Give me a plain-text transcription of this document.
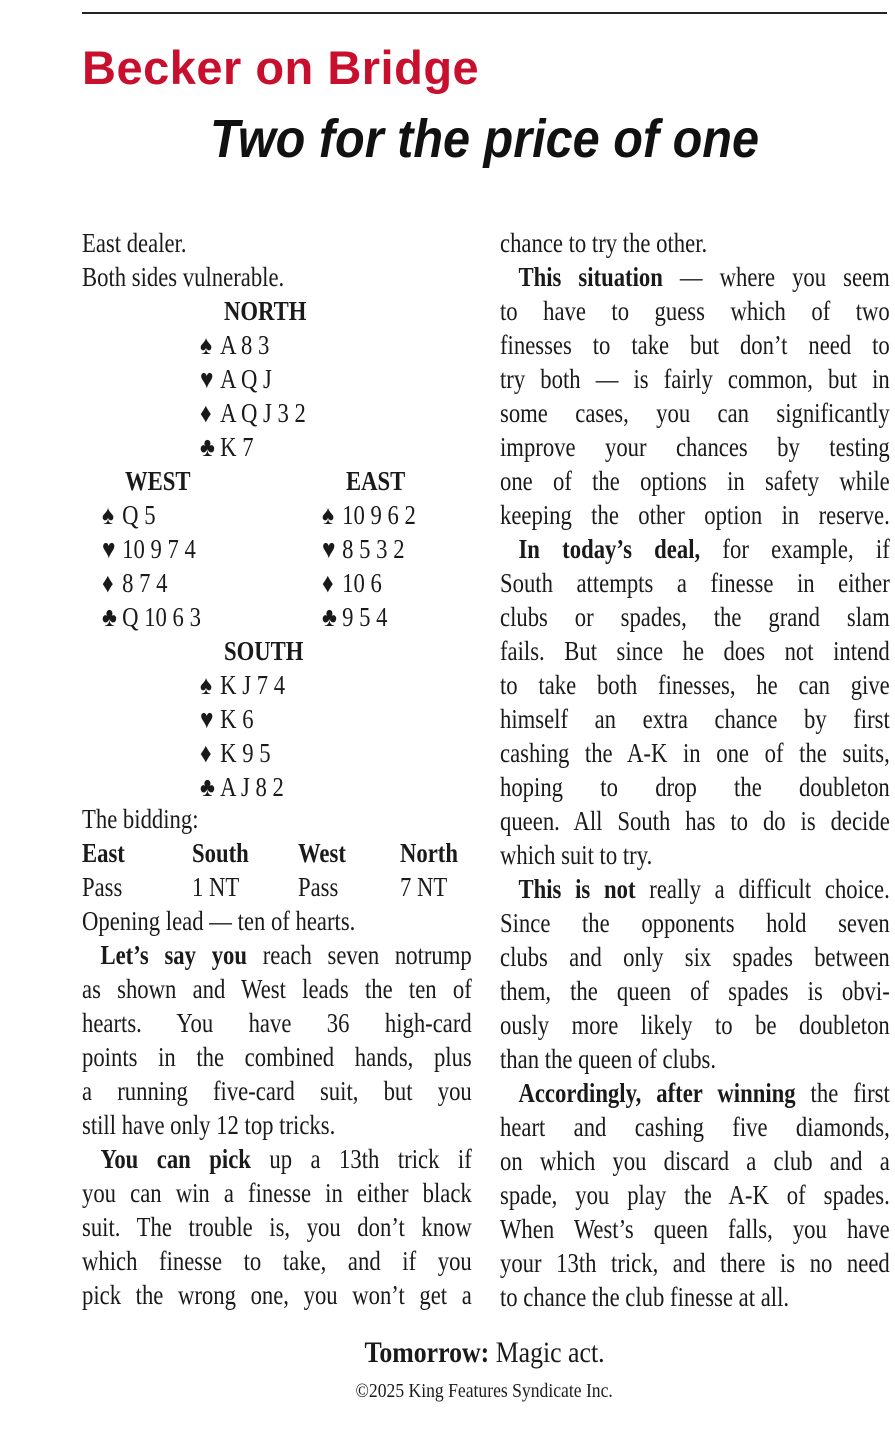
Becker on Bridge
Two for the price of one
East dealer.
Both sides vulnerable.
NORTH
♠ A 8 3
♥ A Q J
♦ A Q J 3 2
♣ K 7
WEST
♠ Q 5
♥ 10 9 7 4
♦ 8 7 4
♣ Q 10 6 3
EAST
♠ 10 9 6 2
♥ 8 5 3 2
♦ 10 6
♣ 9 5 4
SOUTH
♠ K J 7 4
♥ K 6
♦ K 9 5
♣ A J 8 2
The bidding:
East
Pass
South
1 NT
West
Pass
North
7 NT
Opening lead — ten of hearts.
Let’s say you reach seven notrump
as shown and West leads the ten of
hearts. You have 36 high-card
points in the combined hands, plus
a running five-card suit, but you
still have only 12 top tricks.
You can pick up a 13th trick if
you can win a finesse in either black
suit. The trouble is, you don’t know
which finesse to take, and if you
pick the wrong one, you won’t get a
chance to try the other.
This situation — where you seem
to have to guess which of two
finesses to take but don’t need to
try both — is fairly common, but in
some cases, you can significantly
improve your chances by testing
one of the options in safety while
keeping the other option in reserve.
In today’s deal, for example, if
South attempts a finesse in either
clubs or spades, the grand slam
fails. But since he does not intend
to take both finesses, he can give
himself an extra chance by first
cashing the A-K in one of the suits,
hoping to drop the doubleton
queen. All South has to do is decide
which suit to try.
This is not really a difficult choice.
Since the opponents hold seven
clubs and only six spades between
them, the queen of spades is obvi-
ously more likely to be doubleton
than the queen of clubs.
Accordingly, after winning the first
heart and cashing five diamonds,
on which you discard a club and a
spade, you play the A-K of spades.
When West’s queen falls, you have
your 13th trick, and there is no need
to chance the club finesse at all.
Tomorrow: Magic act.
©2025 King Features Syndicate Inc.
